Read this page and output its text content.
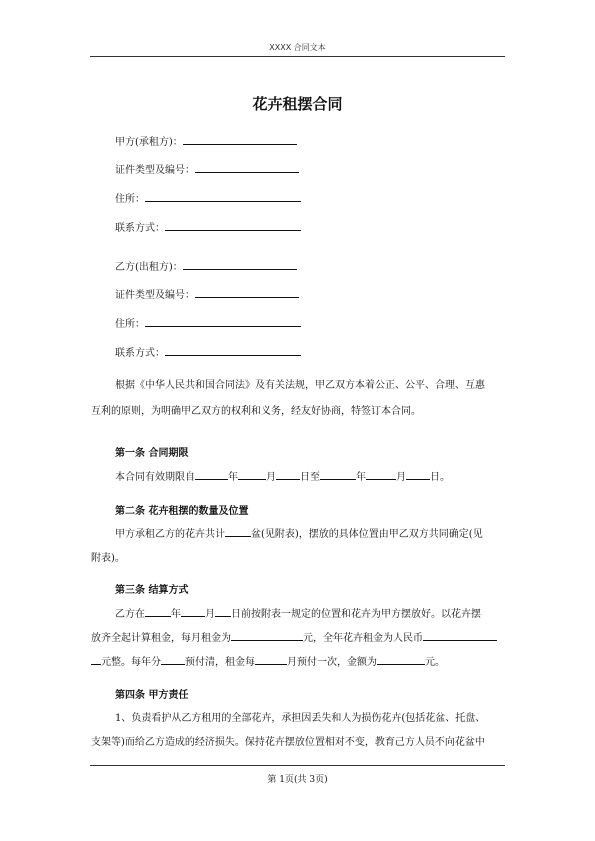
XXXX 合同文本
花卉租摆合同
甲方(承租方)：
证件类型及编号：
住所：
联系方式：
乙方(出租方)：
证件类型及编号：
住所：
联系方式：
根据《中华人民共和国合同法》及有关法规，甲乙双方本着公正、公平、合理、互惠
互利的原则，为明确甲乙双方的权利和义务，经友好协商，特签订本合同。
第一条 合同期限
本合同有效期限自	年	月 日至	年	月 日。
第二条 花卉租摆的数量及位置
甲方承租乙方的花卉共计	盆(见附表)，摆放的具体位置由甲乙双方共同确定(见
附表)。
第三条 结算方式
乙方在	年 月 日前按附表一规定的位置和花卉为甲方摆放好。以花卉摆
放齐全起计算租金，每月租金为	元，全年花卉租金为人民币
元整。每年分 预付清，租金每	月预付一次，金额为	元。
第四条 甲方责任
1、负责看护从乙方租用的全部花卉，承担因丢失和人为损伤花卉(包括花盆、托盘、
支架等)而给乙方造成的经济损失。保持花卉摆放位置相对不变，教育己方人员不向花盆中
第 1页(共 3页)
